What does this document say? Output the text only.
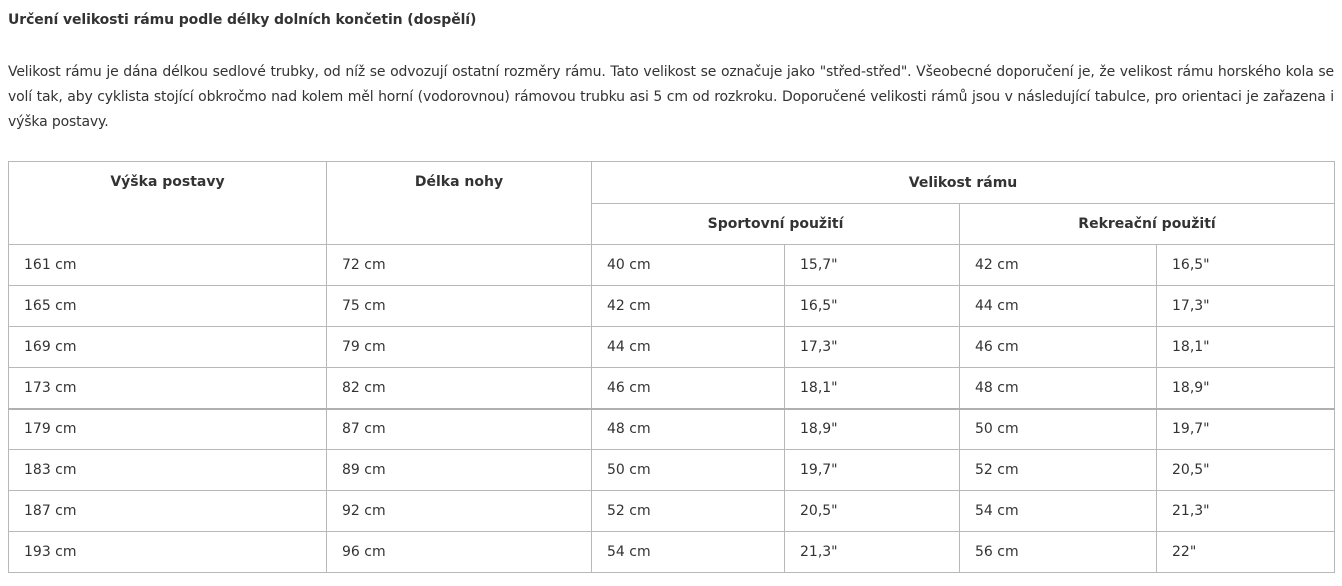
Určení velikosti rámu podle délky dolních končetin (dospělí)

Velikost rámu je dána délkou sedlové trubky, od níž se odvozují ostatní rozměry rámu. Tato velikost se označuje jako "střed-střed". Všeobecné doporučení je, že velikost rámu horského kola se volí tak, aby cyklista stojící obkročmo nad kolem měl horní (vodorovnou) rámovou trubku asi 5 cm od rozkroku. Doporučené velikosti rámů jsou v následující tabulce, pro orientaci je zařazena i výška postavy.

Výška postavy	Délka nohy	Velikost rámu			
		Sportovní použití		Rekreační použití	
161 cm	72 cm	40 cm	15,7"	42 cm	16,5"
165 cm	75 cm	42 cm	16,5"	44 cm	17,3"
169 cm	79 cm	44 cm	17,3"	46 cm	18,1"
173 cm	82 cm	46 cm	18,1"	48 cm	18,9"
179 cm	87 cm	48 cm	18,9"	50 cm	19,7"
183 cm	89 cm	50 cm	19,7"	52 cm	20,5"
187 cm	92 cm	52 cm	20,5"	54 cm	21,3"
193 cm	96 cm	54 cm	21,3"	56 cm	22"
